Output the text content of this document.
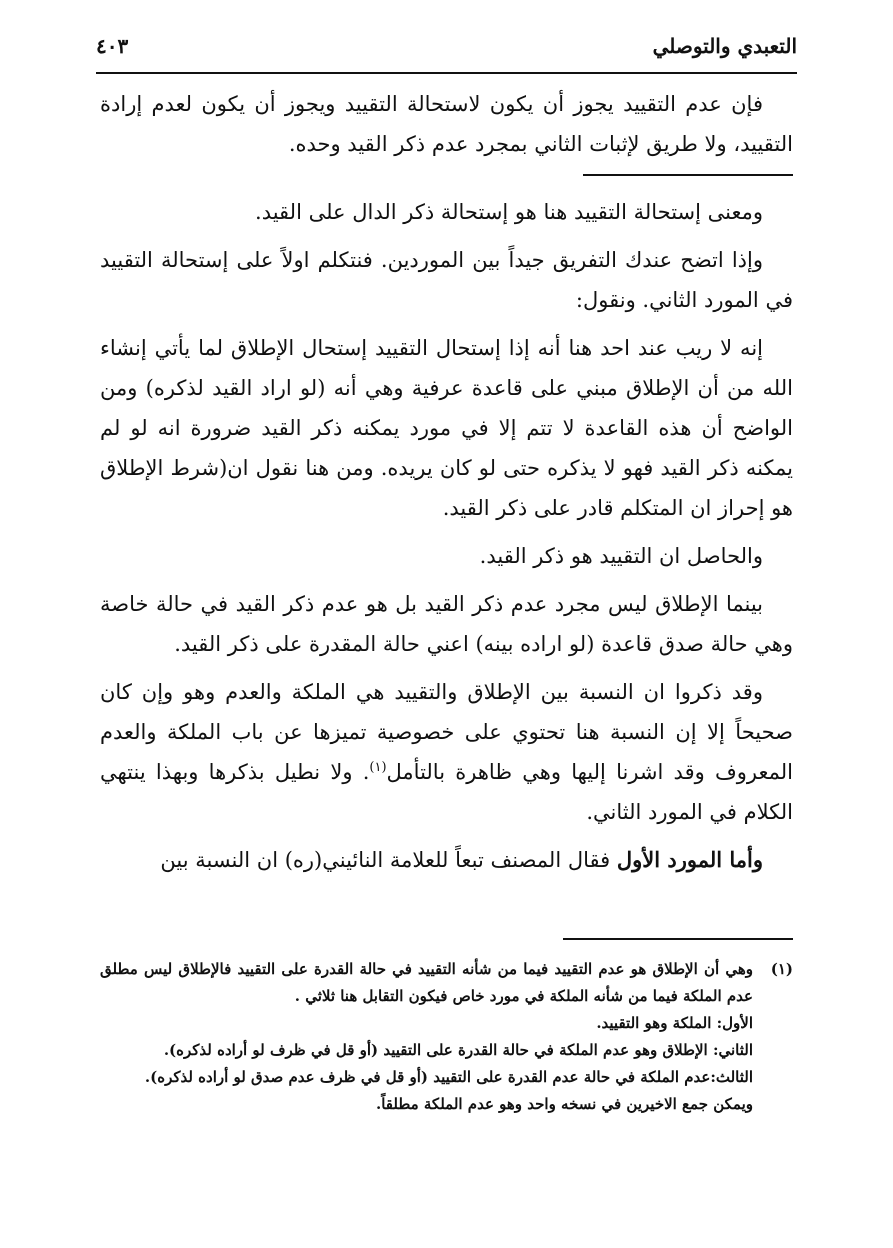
التعبدي والتوصلي
٤٠٣

فإن عدم التقييد يجوز أن يكون لاستحالة التقييد ويجوز أن يكون لعدم إرادة التقييد، ولا طريق لإثبات الثاني بمجرد عدم ذكر القيد وحده.

ومعنى إستحالة التقييد هنا هو إستحالة ذكر الدال على القيد.

وإذا اتضح عندك التفريق جيداً بين الموردين. فنتكلم اولاً على إستحالة التقييد في المورد الثاني. ونقول:

إنه لا ريب عند احد هنا أنه إذا إستحال التقييد إستحال الإطلاق لما يأتي إنشاء الله من أن الإطلاق مبني على قاعدة عرفية وهي أنه (لو اراد القيد لذكره) ومن الواضح أن هذه القاعدة لا تتم إلا في مورد يمكنه ذكر القيد ضرورة انه لو لم يمكنه ذكر القيد فهو لا يذكره حتى لو كان يريده. ومن هنا نقول ان(شرط الإطلاق هو إحراز ان المتكلم قادر على ذكر القيد.

والحاصل ان التقييد هو ذكر القيد.

بينما الإطلاق ليس مجرد عدم ذكر القيد بل هو عدم ذكر القيد في حالة خاصة وهي حالة صدق قاعدة (لو اراده بينه) اعني حالة المقدرة على ذكر القيد.

وقد ذكروا ان النسبة بين الإطلاق والتقييد هي الملكة والعدم وهو وإن كان صحيحاً إلا إن النسبة هنا تحتوي على خصوصية تميزها عن باب الملكة والعدم المعروف وقد اشرنا إليها وهي ظاهرة بالتأمل$^{(١)}$. ولا نطيل بذكرها وبهذا ينتهي الكلام في المورد الثاني.

وأما المورد الأول فقال المصنف تبعاً للعلامة النائيني(ره) ان النسبة بين

(١)

وهي أن الإطلاق هو عدم التقييد فيما من شأنه التقييد في حالة القدرة على التقييد فالإطلاق ليس مطلق عدم الملكة فيما من شأنه الملكة في مورد خاص فيكون التقابل هنا ثلاثي .

الأول: الملكة وهو التقييد.

الثاني: الإطلاق وهو عدم الملكة في حالة القدرة على التقييد (أو قل في ظرف لو أراده لذكره).

الثالث:عدم الملكة في حالة عدم القدرة على التقييد (أو قل في ظرف عدم صدق لو أراده لذكره).

ويمكن جمع الاخيرين في نسخه واحد وهو عدم الملكة مطلقاً.
